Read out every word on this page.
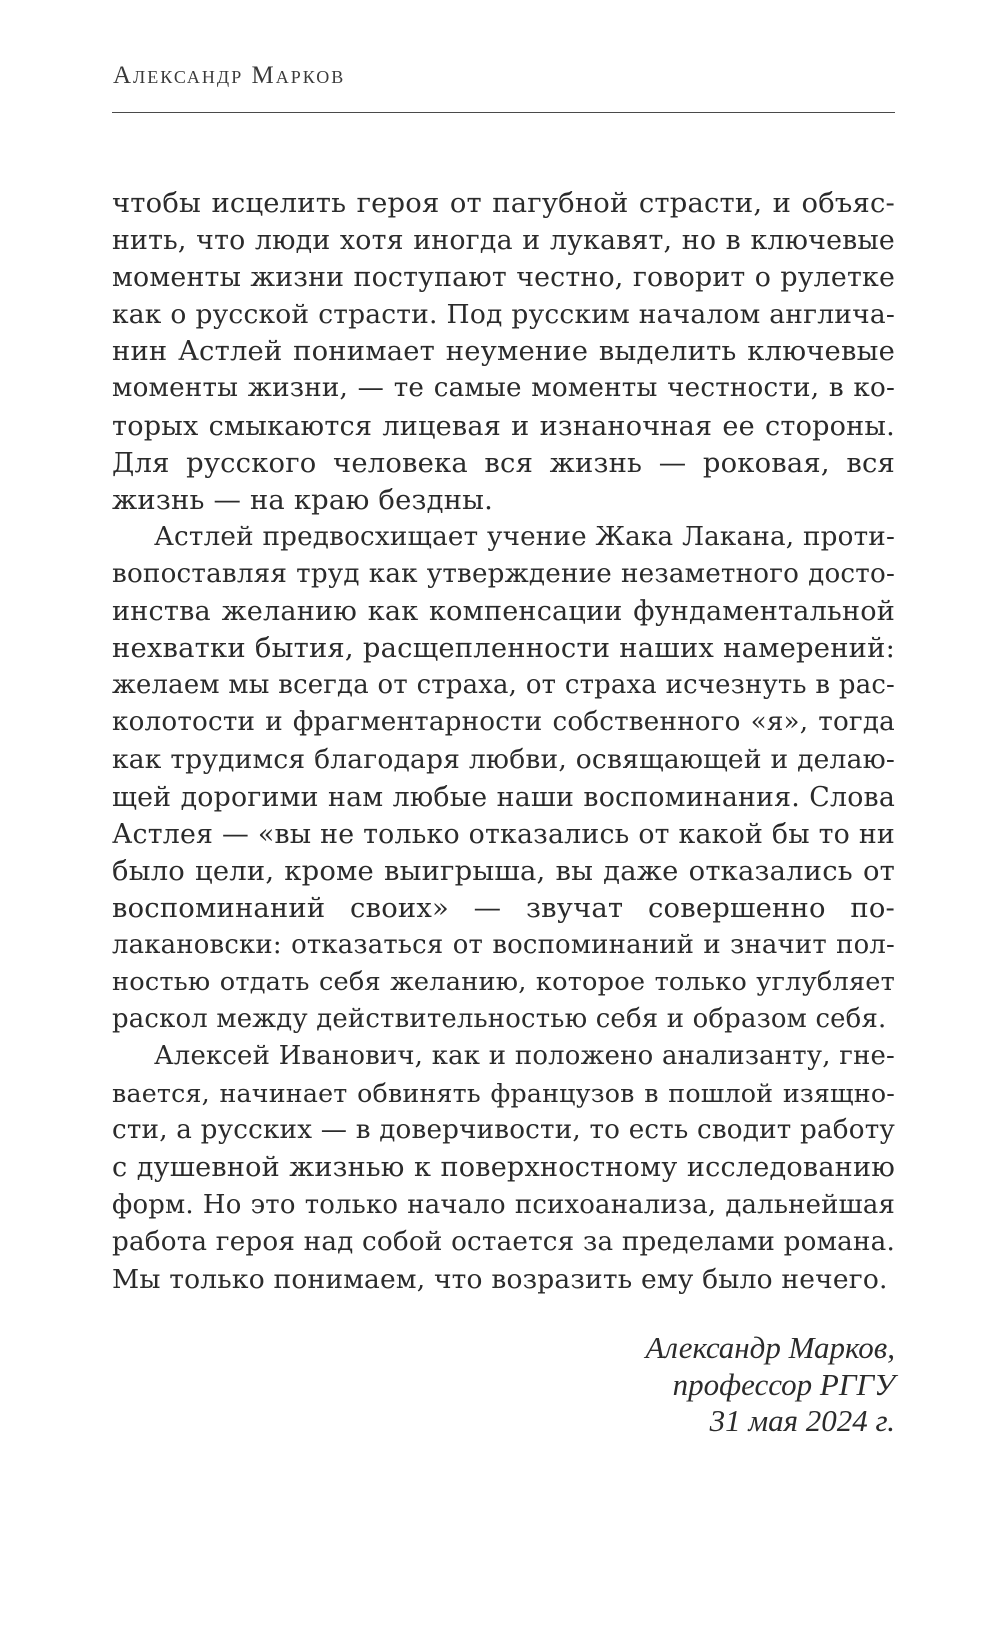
Александр Марков
чтобы исцелить героя от пагубной страсти, и объяс-
нить, что люди хотя иногда и лукавят, но в ключевые
моменты жизни поступают честно, говорит о рулетке
как о русской страсти. Под русским началом англича-
нин Астлей понимает неумение выделить ключевые
моменты жизни, — те самые моменты честности, в ко-
торых смыкаются лицевая и изнаночная ее стороны.
Для русского человека вся жизнь — роковая, вся
жизнь — на краю бездны.
Астлей предвосхищает учение Жака Лакана, проти-
вопоставляя труд как утверждение незаметного досто-
инства желанию как компенсации фундаментальной
нехватки бытия, расщепленности наших намерений:
желаем мы всегда от страха, от страха исчезнуть в рас-
колотости и фрагментарности собственного «я», тогда
как трудимся благодаря любви, освящающей и делаю-
щей дорогими нам любые наши воспоминания. Слова
Астлея — «вы не только отказались от какой бы то ни
было цели, кроме выигрыша, вы даже отказались от
воспоминаний своих» — звучат совершенно по-
лакановски: отказаться от воспоминаний и значит пол-
ностью отдать себя желанию, которое только углубляет
раскол между действительностью себя и образом себя.
Алексей Иванович, как и положено анализанту, гне-
вается, начинает обвинять французов в пошлой изящно-
сти, а русских — в доверчивости, то есть сводит работу
с душевной жизнью к поверхностному исследованию
форм. Но это только начало психоанализа, дальнейшая
работа героя над собой остается за пределами романа.
Мы только понимаем, что возразить ему было нечего.
Александр Марков,
профессор РГГУ
31 мая 2024 г.
